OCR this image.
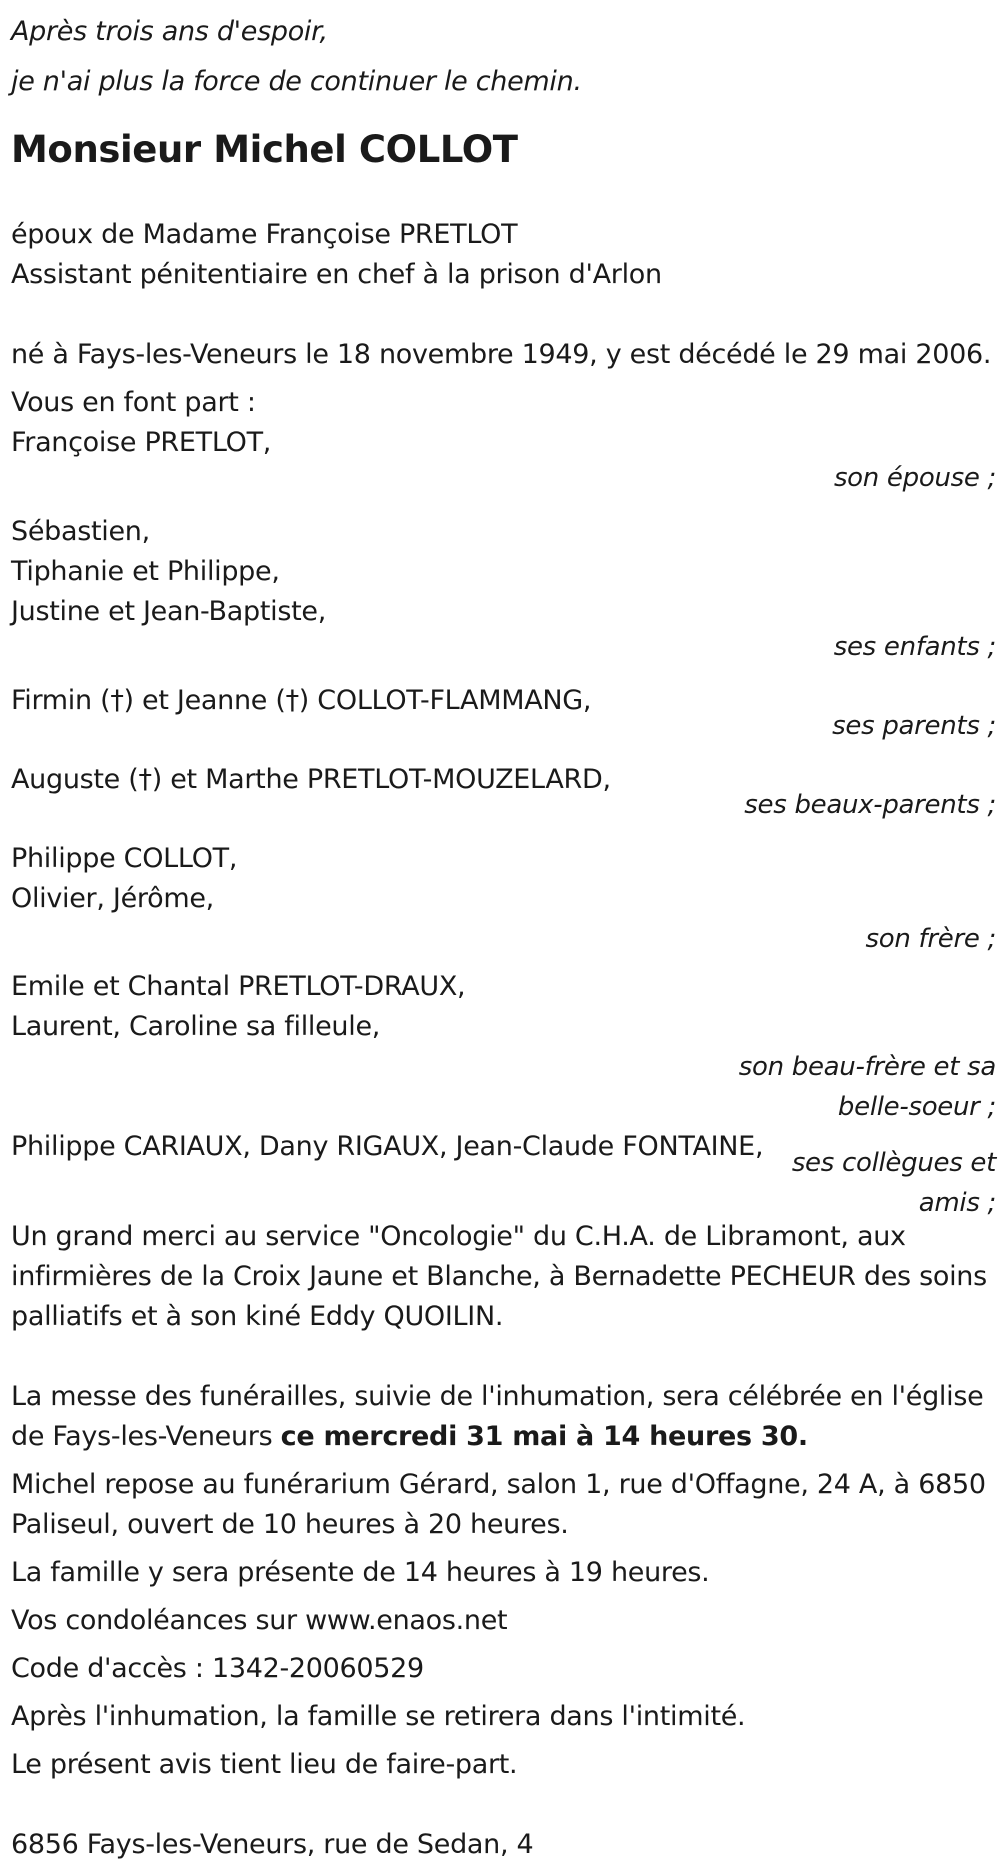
Après trois ans d'espoir,
je n'ai plus la force de continuer le chemin.
Monsieur Michel COLLOT
époux de Madame Françoise PRETLOT
Assistant pénitentiaire en chef à la prison d'Arlon
né à Fays-les-Veneurs le 18 novembre 1949, y est décédé le 29 mai 2006.
Vous en font part :
Françoise PRETLOT,
son épouse ;
Sébastien,
Tiphanie et Philippe,
Justine et Jean-Baptiste,
ses enfants ;
Firmin (†) et Jeanne (†) COLLOT-FLAMMANG,
ses parents ;
Auguste (†) et Marthe PRETLOT-MOUZELARD,
ses beaux-parents ;
Philippe COLLOT,
Olivier, Jérôme,
son frère ;
Emile et Chantal PRETLOT-DRAUX,
Laurent, Caroline sa filleule,
son beau-frère et sa
belle-soeur ;
Philippe CARIAUX, Dany RIGAUX, Jean-Claude FONTAINE,
ses collègues et
amis ;
Un grand merci au service "Oncologie" du C.H.A. de Libramont, aux infirmières de la Croix Jaune et Blanche, à Bernadette PECHEUR des soins palliatifs et à son kiné Eddy QUOILIN.
La messe des funérailles, suivie de l'inhumation, sera célébrée en l'église de Fays-les-Veneurs ce mercredi 31 mai à 14 heures 30.
Michel repose au funérarium Gérard, salon 1, rue d'Offagne, 24 A, à 6850 Paliseul, ouvert de 10 heures à 20 heures.
La famille y sera présente de 14 heures à 19 heures.
Vos condoléances sur www.enaos.net
Code d'accès : 1342-20060529
Après l'inhumation, la famille se retirera dans l'intimité.
Le présent avis tient lieu de faire-part.
6856 Fays-les-Veneurs, rue de Sedan, 4
